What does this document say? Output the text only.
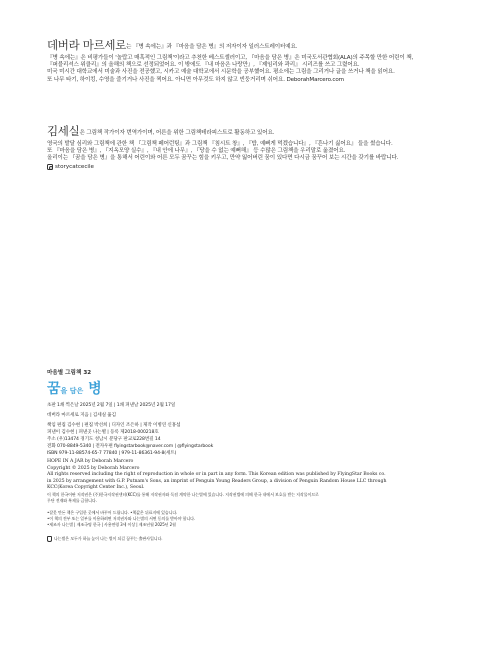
데버라 마르세로는 『병 속에는』과 『마음을 담은 병』의 저자이자 일러스트레이터예요.
『병 속에는』은 비평가들이 '놀랍고 매혹적인 그림책'이라고 추천한 베스트셀러이고, 『마음을 담은 병』은 미국도서관협회(ALA)의 주목할 만한 어린이 책,
『퍼블리셔스 위클리』의 올해의 책으로 선정되었어요. 이 밖에도 『내 마음은 나랑만』, 『제임리와 곽리』 시리즈를 쓰고 그렸어요.
미국 미시간 대학교에서 미술과 사진을 전공했고, 시카고 예술 대학교에서 시문학을 공부했어요. 평소에는 그림을 그리거나 글을 쓰거나 책을 읽어요.
또 나무 타기, 하이킹, 수영을 즐기거나 사진을 찍어요. 아니면 아무것도 하지 않고 빈둥거리며 쉬어요. DeborahMarcero.com
김세실은 그림책 작가이자 번역가이며, 어른을 위한 그림책테라피스트로 활동하고 있어요.
영국의 발달 심리와 그림책에 관한 책 『그림책 페어런팅』과 그림책 『침시트 창』, 『밥, 예뻐게 먹겠습니다』, 『흔나기 싫어요』 들을 썼습니다.
또 『마음을 담은 병』, 『지옥모양 실수』, 『내 안에 나무』, 『당을 수 없는 예뻐해』 등 수많은 그림책을 우리말로 옮겼어요.
올리이는 『꿈을 담은 병』을 통해서 어린이와 어른 모두 꿈꾸는 힘을 키우고, 만약 잃어버린 꿈이 있다면 다시금 꿈꾸어 보는 시간을 갖기를 바랍니다.
storycatcecile
마음별 그림책 32
꿈을 담은 병
초판 1쇄 찍은날 2025년 2월 7일 | 1쇄 펴낸날 2025년 2월 17일
데버라 마르세로 지음 | 김세실 옮김
책임 편집 김수현 | 편집 박선희 | 디자인 조은하 | 제작 이병연 신홍섭
펴낸이 김수현 | 펴낸곳 나는별 | 등록 제2018-000218호
주소 (우)13474 경기도 성남시 분당구 판교로228번길 14
전화 070-8849-5340 | 전자우편 flyingstarbook@naver.com | @flyingstarbook
ISBN 979-11-88574-65-7 77840 | 979-11-86361-94-8(세트)
HOPE IN A JAR by Deborah Marcero
Copyright © 2025 by Deborah Marcero
All rights reserved including the right of reproduction in whole or in part in any form. This Korean edition was published by FlyingStar Books co.
in 2025 by arrangement with G.P. Putnam's Sons, an imprint of Penguin Young Readers Group, a division of Penguin Random House LLC through
KCC(Korea Copyright Center Inc.), Seoul.
이 책의 한국어판 저작권은 (주)한국저작권센터(KCC)를 통해 저작권자와 독점 계약한 나는별에 있습니다. 저작권법에 의해 한국 내에서 보호를 받는 저작물이므로
무단 전재와 복제를 금합니다.
•잘못 만든 책은 구입한 곳에서 바꾸어 드립니다. •책값은 뒤표지에 있습니다.
•이 책의 전부 또는 일부를 이용하려면 저작권자와 나는별의 서면 동의를 받아야 합니다.
•제조자 나는별 | 제조국명 한국 | 사용연령 3세 이상 | 제조년월 2025년 2월
나는별은 모두가 하늘 높이 나는 별이 되길 꿈꾸는 출판사입니다.
